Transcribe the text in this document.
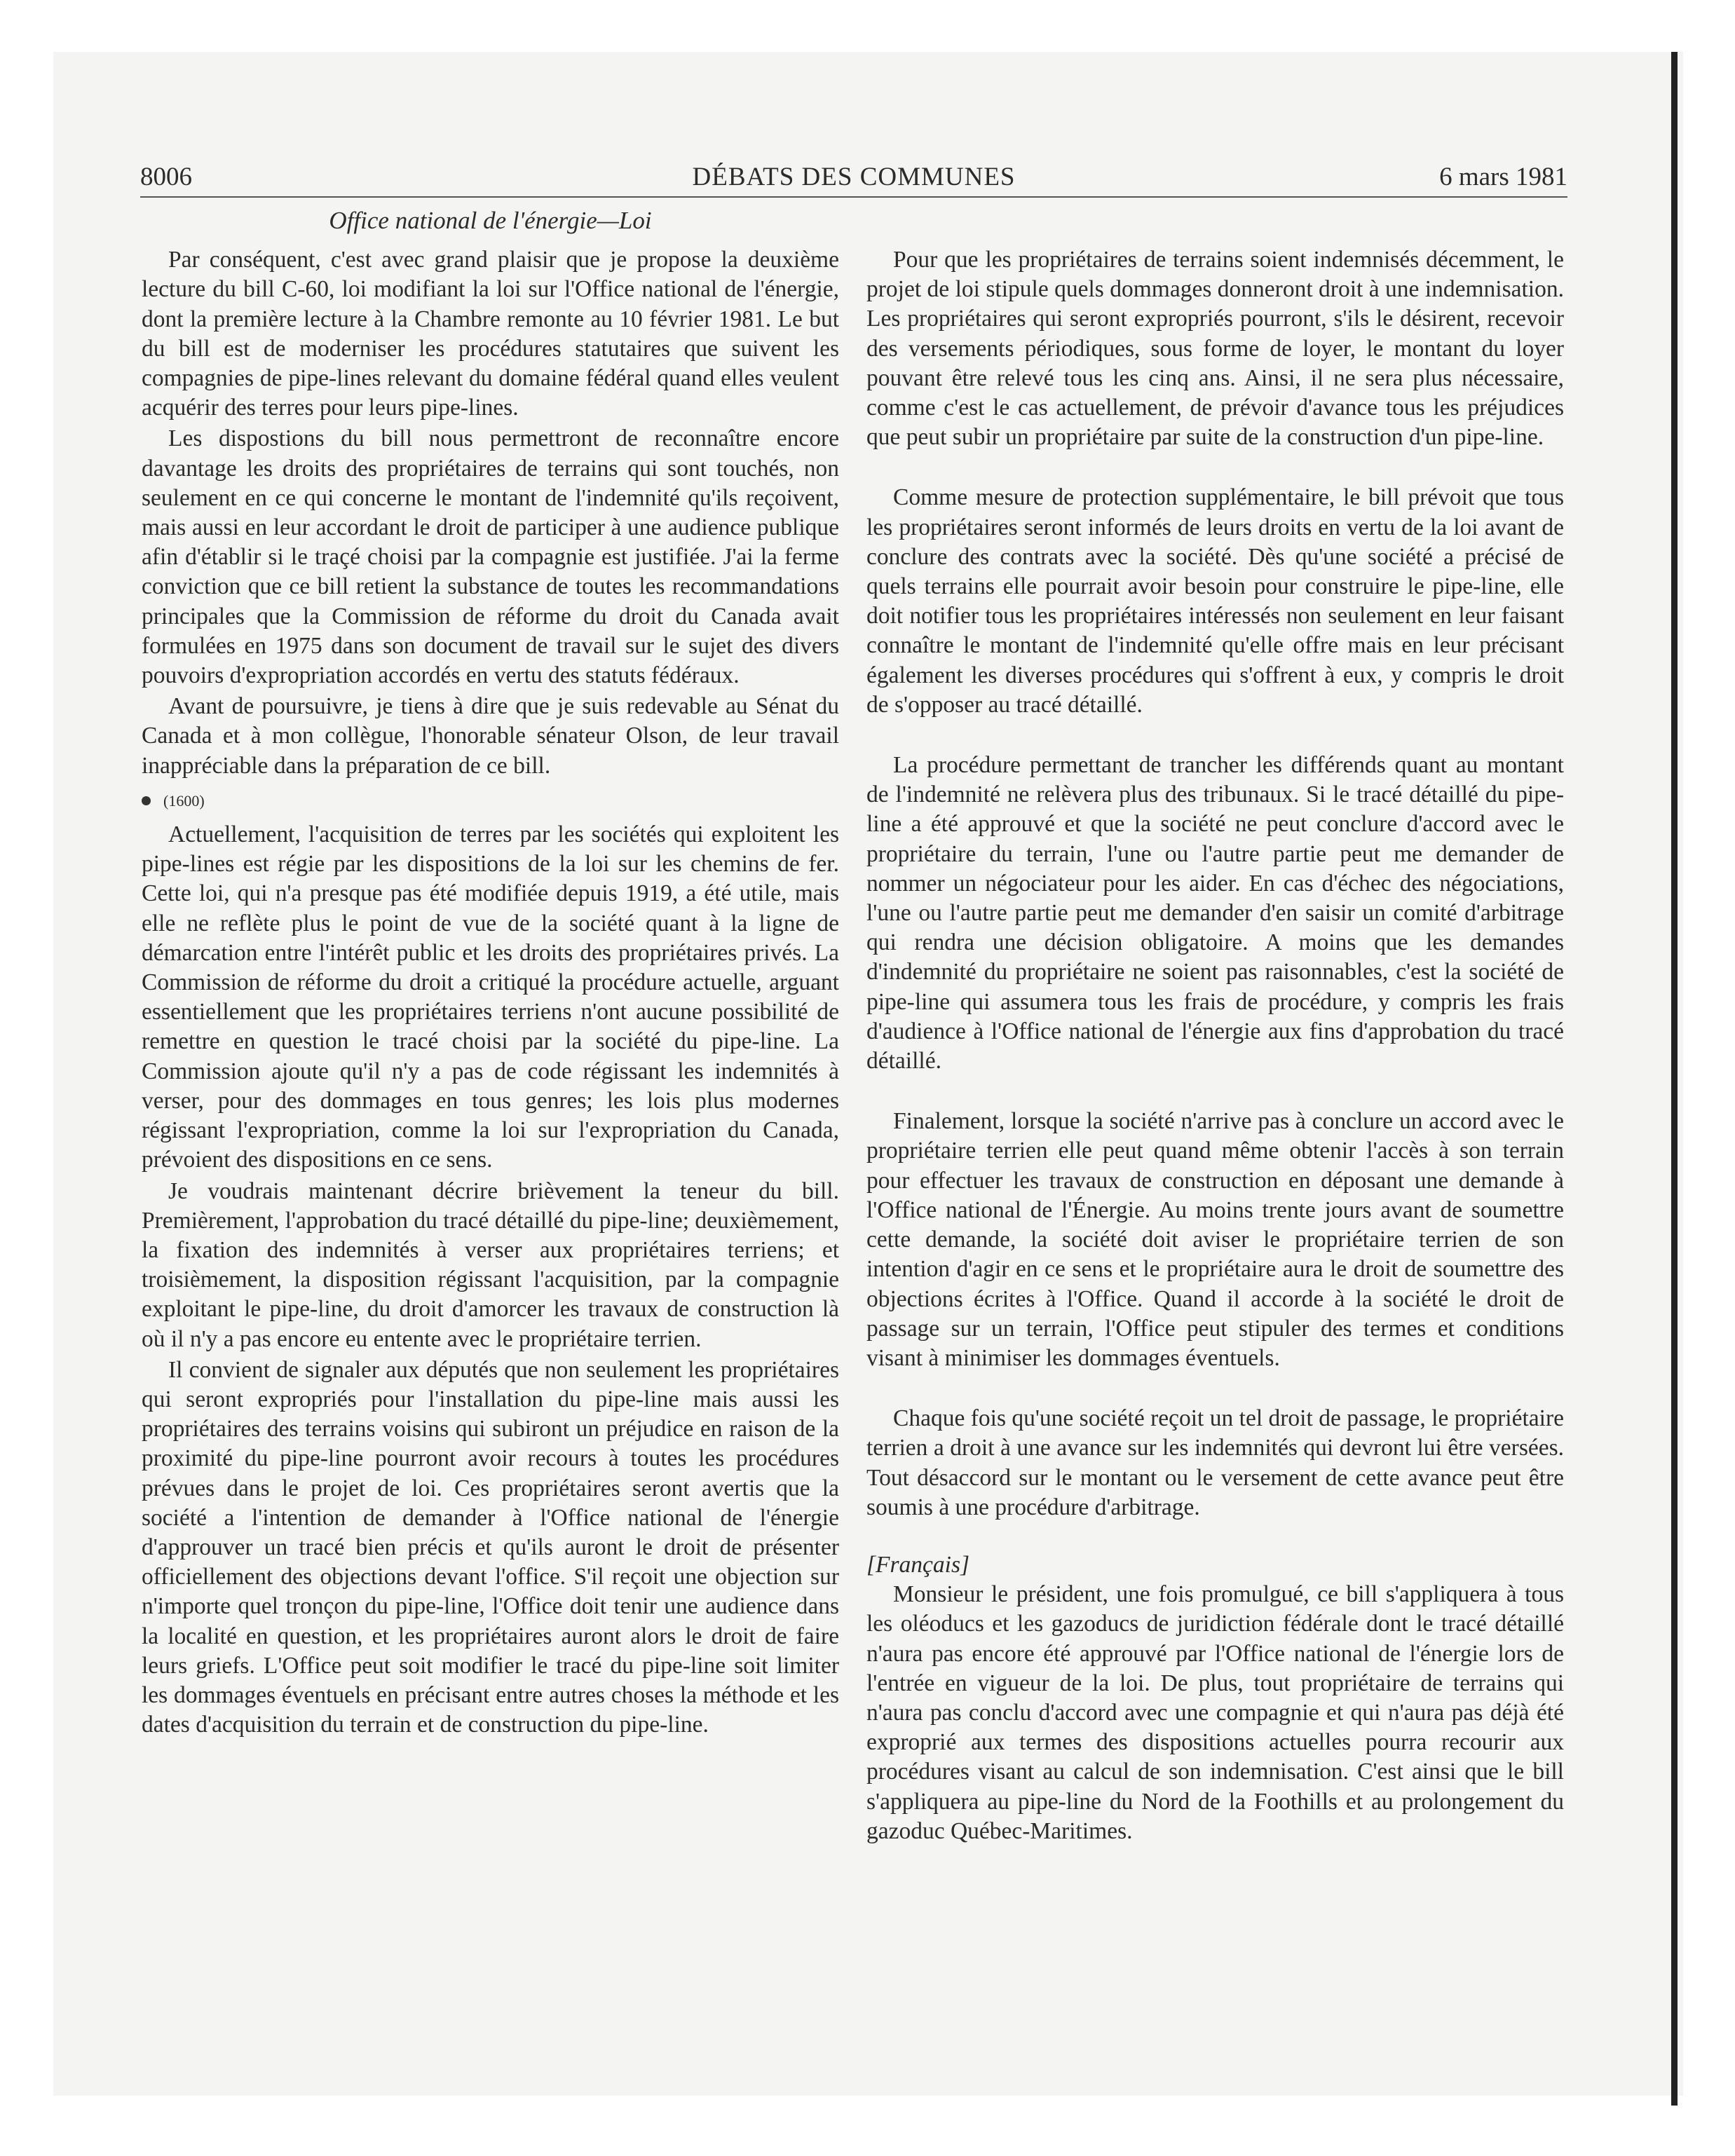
8006	DÉBATS DES COMMUNES	6 mars 1981
Office national de l'énergie—Loi

Par conséquent, c'est avec grand plaisir que je propose la deuxième lecture du bill C-60, loi modifiant la loi sur l'Office national de l'énergie, dont la première lecture à la Chambre remonte au 10 février 1981. Le but du bill est de moderniser les procédures statutaires que suivent les compagnies de pipe-lines relevant du domaine fédéral quand elles veulent acquérir des terres pour leurs pipe-lines.

Les dispostions du bill nous permettront de reconnaître encore davantage les droits des propriétaires de terrains qui sont touchés, non seulement en ce qui concerne le montant de l'indemnité qu'ils reçoivent, mais aussi en leur accordant le droit de participer à une audience publique afin d'établir si le traçé choisi par la compagnie est justifiée. J'ai la ferme conviction que ce bill retient la substance de toutes les recommandations principales que la Commission de réforme du droit du Canada avait formulées en 1975 dans son document de travail sur le sujet des divers pouvoirs d'expropriation accordés en vertu des statuts fédéraux.

Avant de poursuivre, je tiens à dire que je suis redevable au Sénat du Canada et à mon collègue, l'honorable sénateur Olson, de leur travail inappréciable dans la préparation de ce bill.

(1600)

Actuellement, l'acquisition de terres par les sociétés qui exploitent les pipe-lines est régie par les dispositions de la loi sur les chemins de fer. Cette loi, qui n'a presque pas été modifiée depuis 1919, a été utile, mais elle ne reflète plus le point de vue de la société quant à la ligne de démarcation entre l'intérêt public et les droits des propriétaires privés. La Commission de réforme du droit a critiqué la procédure actuelle, arguant essentiellement que les propriétaires terriens n'ont aucune possibilité de remettre en question le tracé choisi par la société du pipe-line. La Commission ajoute qu'il n'y a pas de code régissant les indemnités à verser, pour des dommages en tous genres; les lois plus modernes régissant l'expropriation, comme la loi sur l'expropriation du Canada, prévoient des dispositions en ce sens.

Je voudrais maintenant décrire brièvement la teneur du bill. Premièrement, l'approbation du tracé détaillé du pipe-line; deuxièmement, la fixation des indemnités à verser aux propriétaires terriens; et troisièmement, la disposition régissant l'acquisition, par la compagnie exploitant le pipe-line, du droit d'amorcer les travaux de construction là où il n'y a pas encore eu entente avec le propriétaire terrien.

Il convient de signaler aux députés que non seulement les propriétaires qui seront expropriés pour l'installation du pipe-line mais aussi les propriétaires des terrains voisins qui subiront un préjudice en raison de la proximité du pipe-line pourront avoir recours à toutes les procédures prévues dans le projet de loi. Ces propriétaires seront avertis que la société a l'intention de demander à l'Office national de l'énergie d'approuver un tracé bien précis et qu'ils auront le droit de présenter officiellement des objections devant l'office. S'il reçoit une objection sur n'importe quel tronçon du pipe-line, l'Office doit tenir une audience dans la localité en question, et les propriétaires auront alors le droit de faire leurs griefs. L'Office peut soit modifier le tracé du pipe-line soit limiter les dommages éventuels en précisant entre autres choses la méthode et les dates d'acquisition du terrain et de construction du pipe-line.

Pour que les propriétaires de terrains soient indemnisés décemment, le projet de loi stipule quels dommages donneront droit à une indemnisation. Les propriétaires qui seront expropriés pourront, s'ils le désirent, recevoir des versements périodiques, sous forme de loyer, le montant du loyer pouvant être relevé tous les cinq ans. Ainsi, il ne sera plus nécessaire, comme c'est le cas actuellement, de prévoir d'avance tous les préjudices que peut subir un propriétaire par suite de la construction d'un pipe-line.

Comme mesure de protection supplémentaire, le bill prévoit que tous les propriétaires seront informés de leurs droits en vertu de la loi avant de conclure des contrats avec la société. Dès qu'une société a précisé de quels terrains elle pourrait avoir besoin pour construire le pipe-line, elle doit notifier tous les propriétaires intéressés non seulement en leur faisant connaître le montant de l'indemnité qu'elle offre mais en leur précisant également les diverses procédures qui s'offrent à eux, y compris le droit de s'opposer au tracé détaillé.

La procédure permettant de trancher les différends quant au montant de l'indemnité ne relèvera plus des tribunaux. Si le tracé détaillé du pipe-line a été approuvé et que la société ne peut conclure d'accord avec le propriétaire du terrain, l'une ou l'autre partie peut me demander de nommer un négociateur pour les aider. En cas d'échec des négociations, l'une ou l'autre partie peut me demander d'en saisir un comité d'arbitrage qui rendra une décision obligatoire. A moins que les demandes d'indemnité du propriétaire ne soient pas raisonnables, c'est la société de pipe-line qui assumera tous les frais de procédure, y compris les frais d'audience à l'Office national de l'énergie aux fins d'approbation du tracé détaillé.

Finalement, lorsque la société n'arrive pas à conclure un accord avec le propriétaire terrien elle peut quand même obtenir l'accès à son terrain pour effectuer les travaux de construction en déposant une demande à l'Office national de l'Énergie. Au moins trente jours avant de soumettre cette demande, la société doit aviser le propriétaire terrien de son intention d'agir en ce sens et le propriétaire aura le droit de soumettre des objections écrites à l'Office. Quand il accorde à la société le droit de passage sur un terrain, l'Office peut stipuler des termes et conditions visant à minimiser les dommages éventuels.

Chaque fois qu'une société reçoit un tel droit de passage, le propriétaire terrien a droit à une avance sur les indemnités qui devront lui être versées. Tout désaccord sur le montant ou le versement de cette avance peut être soumis à une procédure d'arbitrage.

[Français]

Monsieur le président, une fois promulgué, ce bill s'appliquera à tous les oléoducs et les gazoducs de juridiction fédérale dont le tracé détaillé n'aura pas encore été approuvé par l'Office national de l'énergie lors de l'entrée en vigueur de la loi. De plus, tout propriétaire de terrains qui n'aura pas conclu d'accord avec une compagnie et qui n'aura pas déjà été exproprié aux termes des dispositions actuelles pourra recourir aux procédures visant au calcul de son indemnisation. C'est ainsi que le bill s'appliquera au pipe-line du Nord de la Foothills et au prolongement du gazoduc Québec-Maritimes.
